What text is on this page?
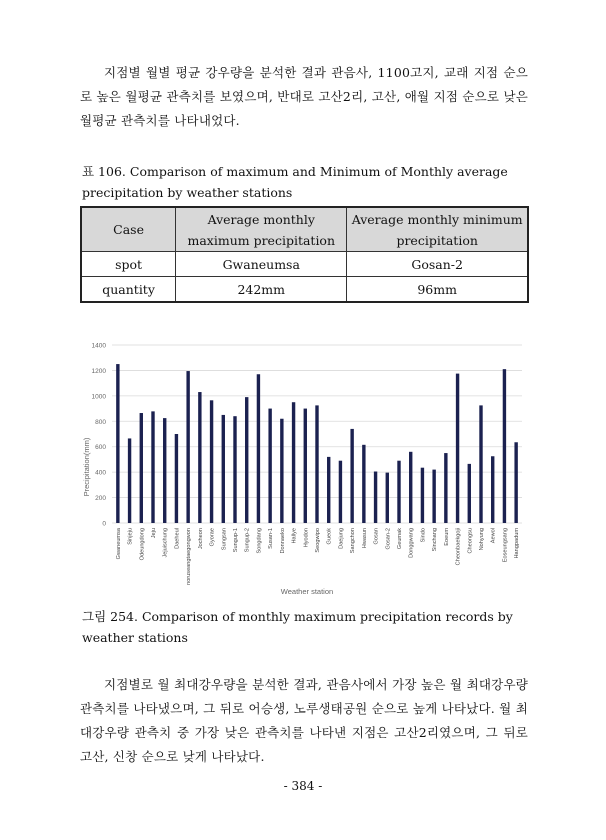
지점별 월별 평균 강우량을 분석한 결과 관음사, 1100고지, 교래 지점 순으로 높은 월평균 관측치를 보였으며, 반대로 고산2리, 고산, 애월 지점 순으로 낮은 월평균 관측치를 나타내었다.

표 106. Comparison of maximum and Minimum of Monthly average precipitation by weather stations
Case	Average monthly maximum precipitation	Average monthly minimum precipitation
spot	Gwaneumsa	Gosan-2
quantity	242mm	96mm
0
200
400
600
800
1000
1200
1400
Gwaneumsa Sinjeju Odeungdong Jeju Jejuischung Daeheul noruseangtaegongwon Jocheon Gyorae Sungsan Sungup-1 Sungup-2 Songdang Susan-1 Donnaeko Hallye Hyodon Seogwipo Gueok Daejung Sangchon Hwasun Gosan Gosan-2 Geumak Donggwang Sindo Sinchang Eoeum Cheonbaekgoji Cheongsu Nohyung Aewol Eoseungsang Hangpadum
Precipitation(mm)
Weather station
그림 254. Comparison of monthly maximum precipitation records by weather stations

지점별로 월 최대강우량을 분석한 결과, 관음사에서 가장 높은 월 최대강우량 관측치를 나타냈으며, 그 뒤로 어승생, 노루생태공원 순으로 높게 나타났다. 월 최대강우량 관측치 중 가장 낮은 관측치를 나타낸 지점은 고산2리였으며, 그 뒤로 고산, 신창 순으로 낮게 나타났다.

- 384 -
